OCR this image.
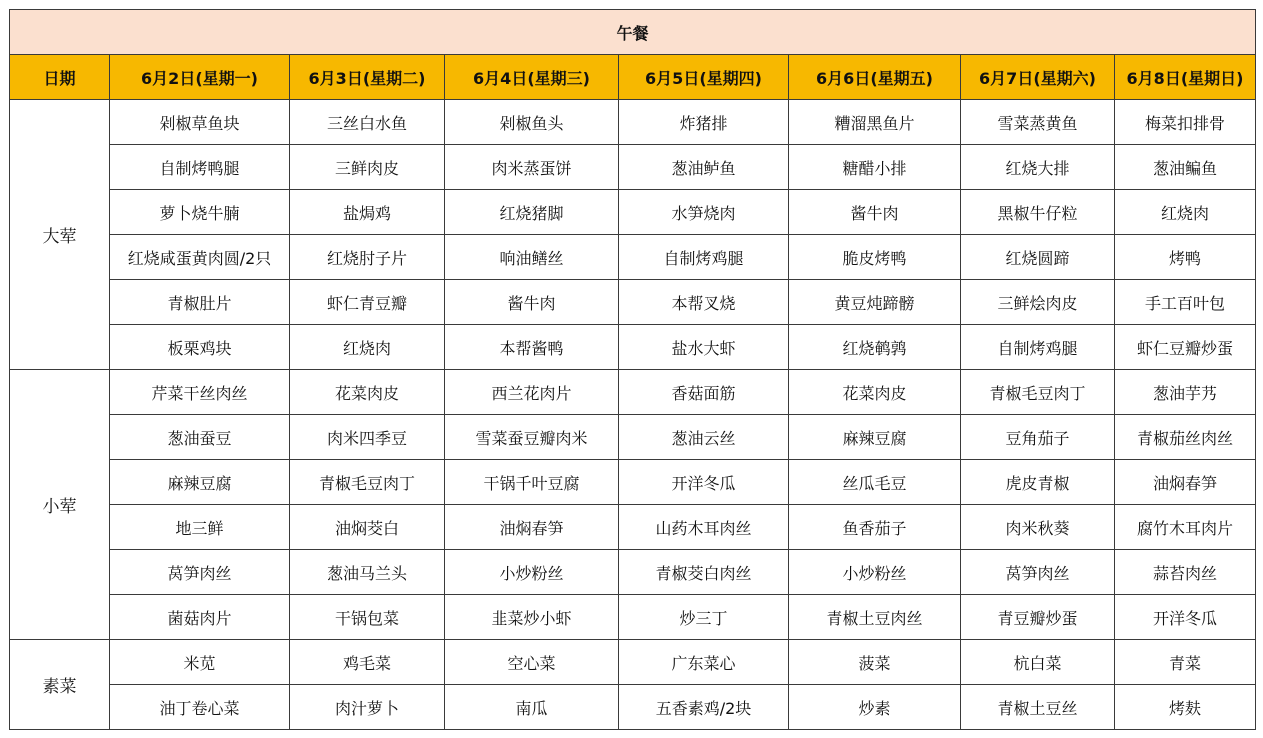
午餐							
日期	6月2日(星期一)	6月3日(星期二)	6月4日(星期三)	6月5日(星期四)	6月6日(星期五)	6月7日(星期六)	6月8日(星期日)
大荤	剁椒草鱼块	三丝白水鱼	剁椒鱼头	炸猪排	糟溜黑鱼片	雪菜蒸黄鱼	梅菜扣排骨
	自制烤鸭腿	三鲜肉皮	肉米蒸蛋饼	葱油鲈鱼	糖醋小排	红烧大排	葱油鳊鱼
	萝卜烧牛腩	盐焗鸡	红烧猪脚	水笋烧肉	酱牛肉	黑椒牛仔粒	红烧肉
	红烧咸蛋黄肉圆/2只	红烧肘子片	响油鳝丝	自制烤鸡腿	脆皮烤鸭	红烧圆蹄	烤鸭
	青椒肚片	虾仁青豆瓣	酱牛肉	本帮叉烧	黄豆炖蹄髈	三鲜烩肉皮	手工百叶包
	板栗鸡块	红烧肉	本帮酱鸭	盐水大虾	红烧鹌鹑	自制烤鸡腿	虾仁豆瓣炒蛋
小荤	芹菜干丝肉丝	花菜肉皮	西兰花肉片	香菇面筋	花菜肉皮	青椒毛豆肉丁	葱油芋艿
	葱油蚕豆	肉米四季豆	雪菜蚕豆瓣肉米	葱油云丝	麻辣豆腐	豆角茄子	青椒茄丝肉丝
	麻辣豆腐	青椒毛豆肉丁	干锅千叶豆腐	开洋冬瓜	丝瓜毛豆	虎皮青椒	油焖春笋
	地三鲜	油焖茭白	油焖春笋	山药木耳肉丝	鱼香茄子	肉米秋葵	腐竹木耳肉片
	莴笋肉丝	葱油马兰头	小炒粉丝	青椒茭白肉丝	小炒粉丝	莴笋肉丝	蒜苔肉丝
	菌菇肉片	干锅包菜	韭菜炒小虾	炒三丁	青椒土豆肉丝	青豆瓣炒蛋	开洋冬瓜
素菜	米苋	鸡毛菜	空心菜	广东菜心	菠菜	杭白菜	青菜
	油丁卷心菜	肉汁萝卜	南瓜	五香素鸡/2块	炒素	青椒土豆丝	烤麸
